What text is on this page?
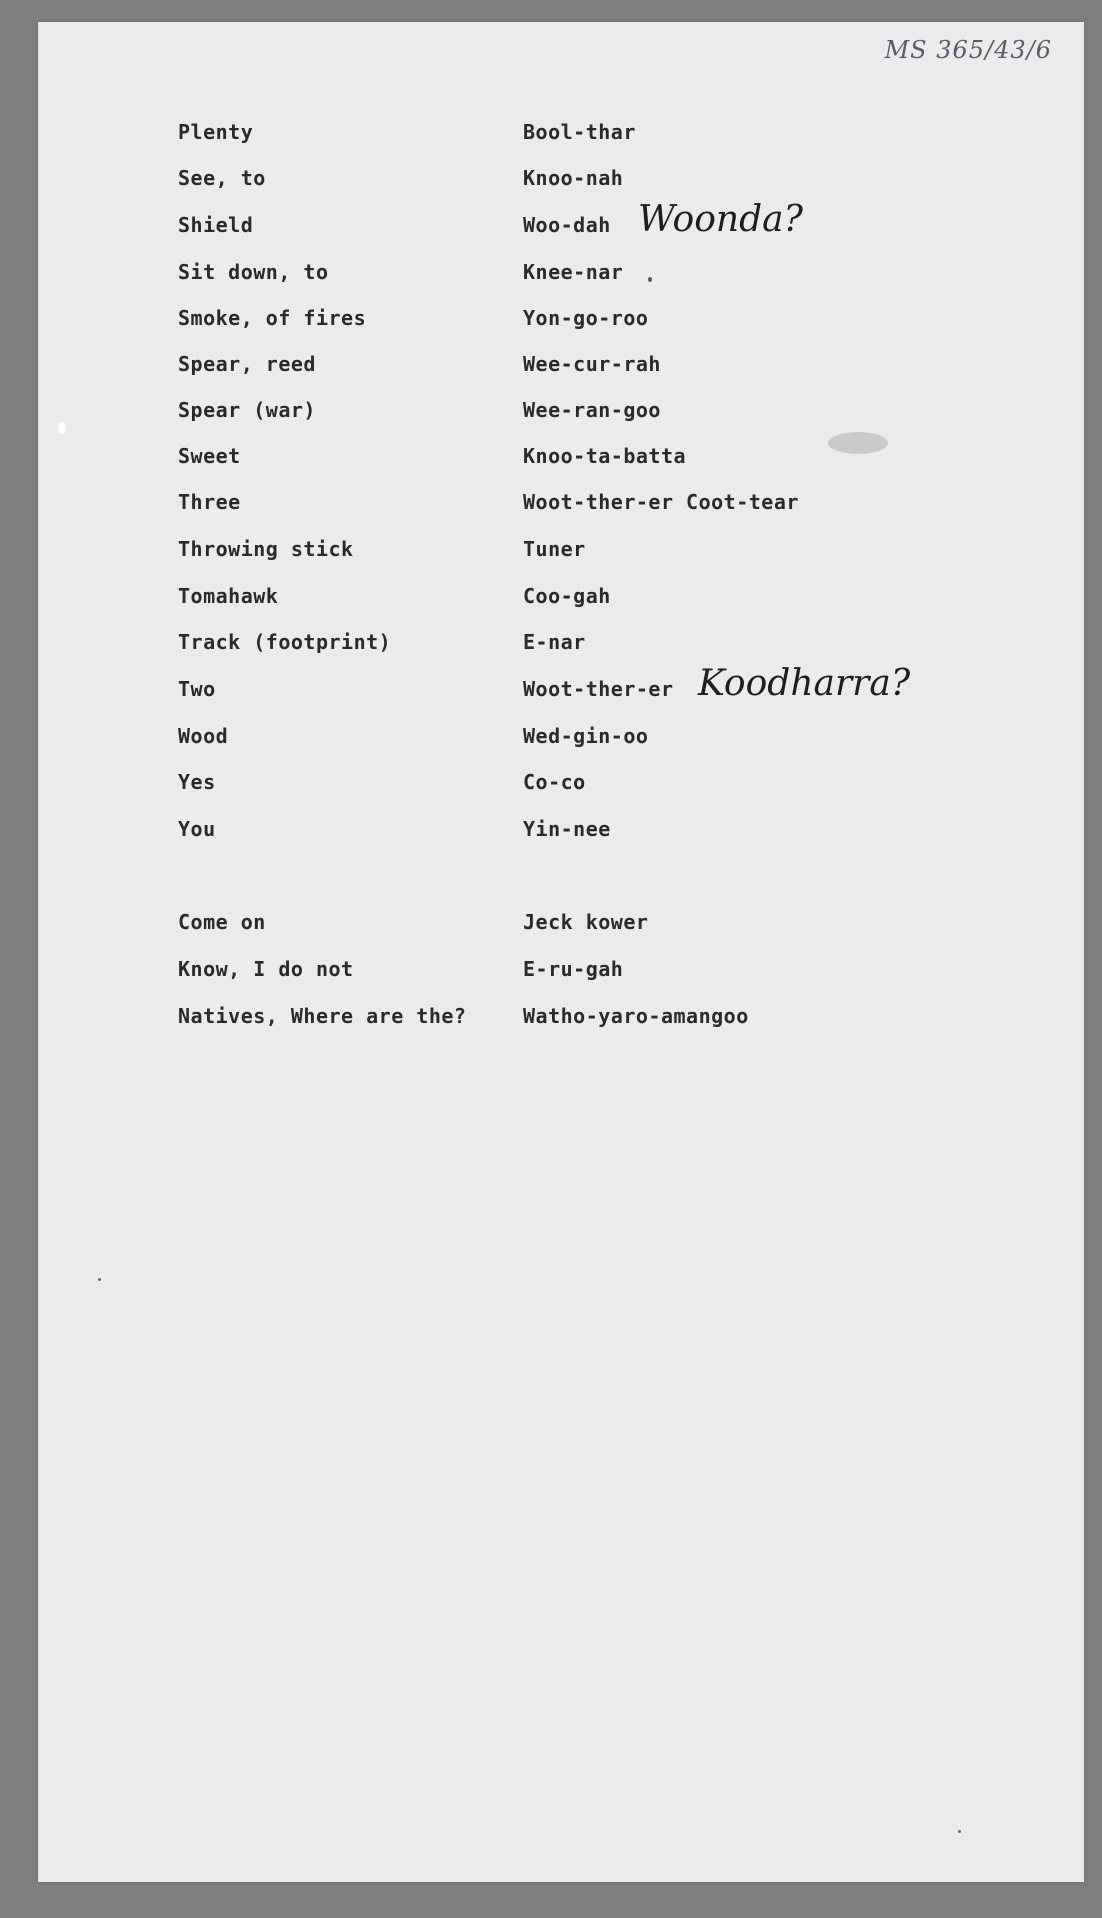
MS 365/43/6
Plenty	Bool-thar
See, to	Knoo-nah
Shield	Woo-dah Woonda?
Sit down, to	Knee-nar
Smoke, of fires	Yon-go-roo
Spear, reed	Wee-cur-rah
Spear (war)	Wee-ran-goo
Sweet	Knoo-ta-batta
Three	Woot-ther-er Coot-tear
Throwing stick	Tuner
Tomahawk	Coo-gah
Track (footprint)	E-nar
Two	Woot-ther-er Koodharra?
Wood	Wed-gin-oo
Yes	Co-co
You	Yin-nee
Come on	Jeck kower
Know, I do not	E-ru-gah
Natives, Where are the?	Watho-yaro-amangoo
